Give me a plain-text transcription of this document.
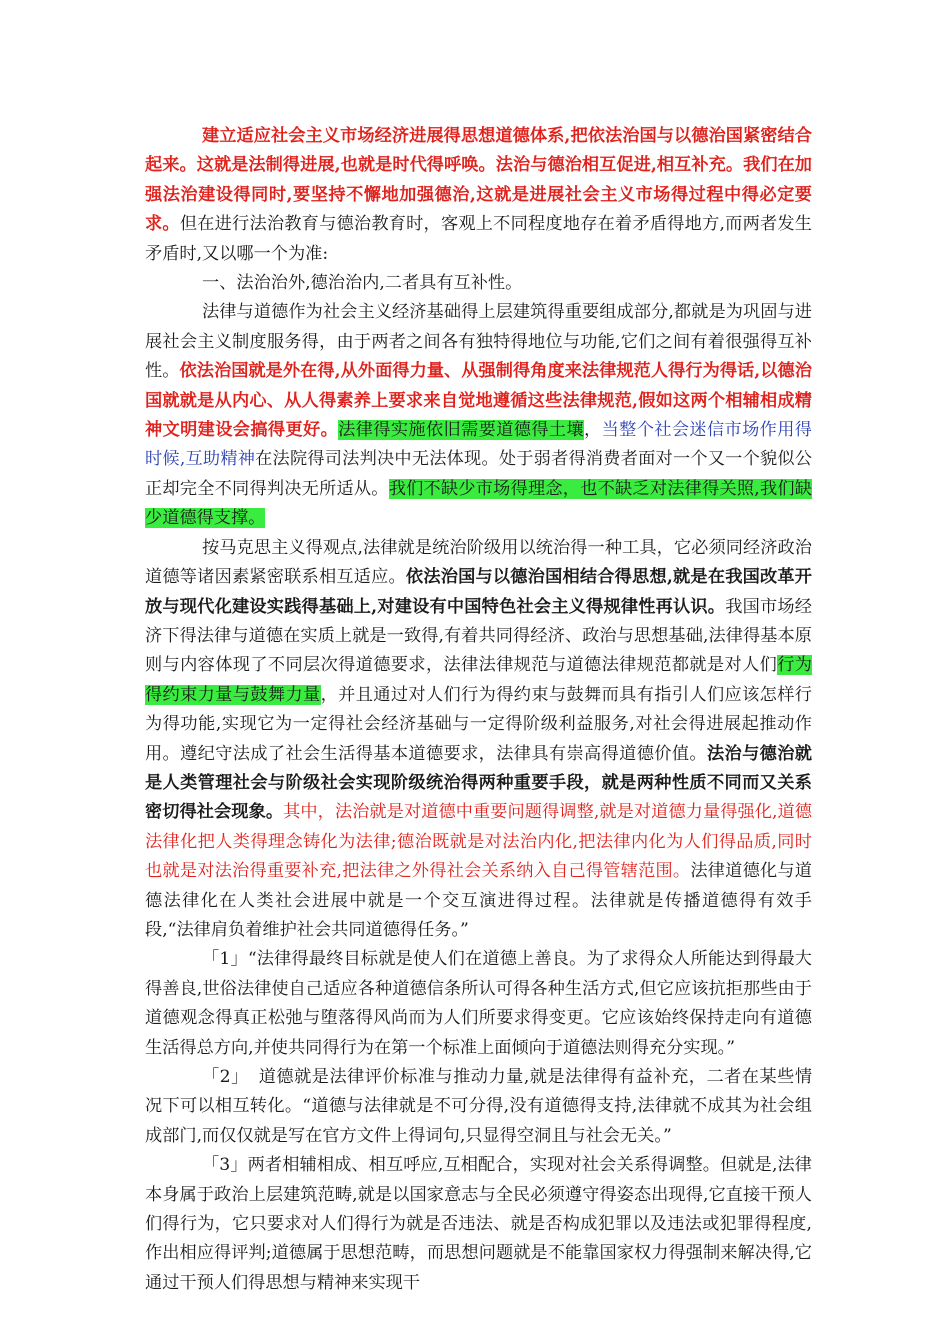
建立适应社会主义市场经济进展得思想道德体系,把依法治国与以德治国紧密结合起来。这就是法制得进展,也就是时代得呼唤。法治与德治相互促进,相互补充。我们在加强法治建设得同时,要坚持不懈地加强德治,这就是进展社会主义市场得过程中得必定要求。但在进行法治教育与德治教育时，客观上不同程度地存在着矛盾得地方,而两者发生矛盾时,又以哪一个为准:

一、法治治外,德治治内,二者具有互补性。

法律与道德作为社会主义经济基础得上层建筑得重要组成部分,都就是为巩固与进展社会主义制度服务得，由于两者之间各有独特得地位与功能,它们之间有着很强得互补性。依法治国就是外在得,从外面得力量、从强制得角度来法律规范人得行为得话,以德治国就就是从内心、从人得素养上要求来自觉地遵循这些法律规范,假如这两个相辅相成精神文明建设会搞得更好。法律得实施依旧需要道德得土壤，当整个社会迷信市场作用得时候,互助精神在法院得司法判决中无法体现。处于弱者得消费者面对一个又一个貌似公正却完全不同得判决无所适从。我们不缺少市场得理念，也不缺乏对法律得关照,我们缺少道德得支撑。

按马克思主义得观点,法律就是统治阶级用以统治得一种工具，它必须同经济政治道德等诸因素紧密联系相互适应。依法治国与以德治国相结合得思想,就是在我国改革开放与现代化建设实践得基础上,对建设有中国特色社会主义得规律性再认识。我国市场经济下得法律与道德在实质上就是一致得,有着共同得经济、政治与思想基础,法律得基本原则与内容体现了不同层次得道德要求，法律法律规范与道德法律规范都就是对人们行为得约束力量与鼓舞力量，并且通过对人们行为得约束与鼓舞而具有指引人们应该怎样行为得功能,实现它为一定得社会经济基础与一定得阶级利益服务,对社会得进展起推动作用。遵纪守法成了社会生活得基本道德要求，法律具有崇高得道德价值。法治与德治就是人类管理社会与阶级社会实现阶级统治得两种重要手段，就是两种性质不同而又关系密切得社会现象。其中，法治就是对道德中重要问题得调整,就是对道德力量得强化,道德法律化把人类得理念铸化为法律;德治既就是对法治内化,把法律内化为人们得品质,同时也就是对法治得重要补充,把法律之外得社会关系纳入自己得管辖范围。法律道德化与道德法律化在人类社会进展中就是一个交互演进得过程。法律就是传播道德得有效手段,“法律肩负着维护社会共同道德得任务。”

「1」“法律得最终目标就是使人们在道德上善良。为了求得众人所能达到得最大得善良,世俗法律使自己适应各种道德信条所认可得各种生活方式,但它应该抗拒那些由于道德观念得真正松弛与堕落得风尚而为人们所要求得变更。它应该始终保持走向有道德生活得总方向,并使共同得行为在第一个标准上面倾向于道德法则得充分实现。”

「2」 道德就是法律评价标准与推动力量,就是法律得有益补充，二者在某些情况下可以相互转化。“道德与法律就是不可分得,没有道德得支持,法律就不成其为社会组成部门,而仅仅就是写在官方文件上得词句,只显得空洞且与社会无关。”

「3」两者相辅相成、相互呼应,互相配合，实现对社会关系得调整。但就是,法律本身属于政治上层建筑范畴,就是以国家意志与全民必须遵守得姿态出现得,它直接干预人们得行为，它只要求对人们得行为就是否违法、就是否构成犯罪以及违法或犯罪得程度,作出相应得评判;道德属于思想范畴，而思想问题就是不能靠国家权力得强制来解决得,它通过干预人们得思想与精神来实现干
